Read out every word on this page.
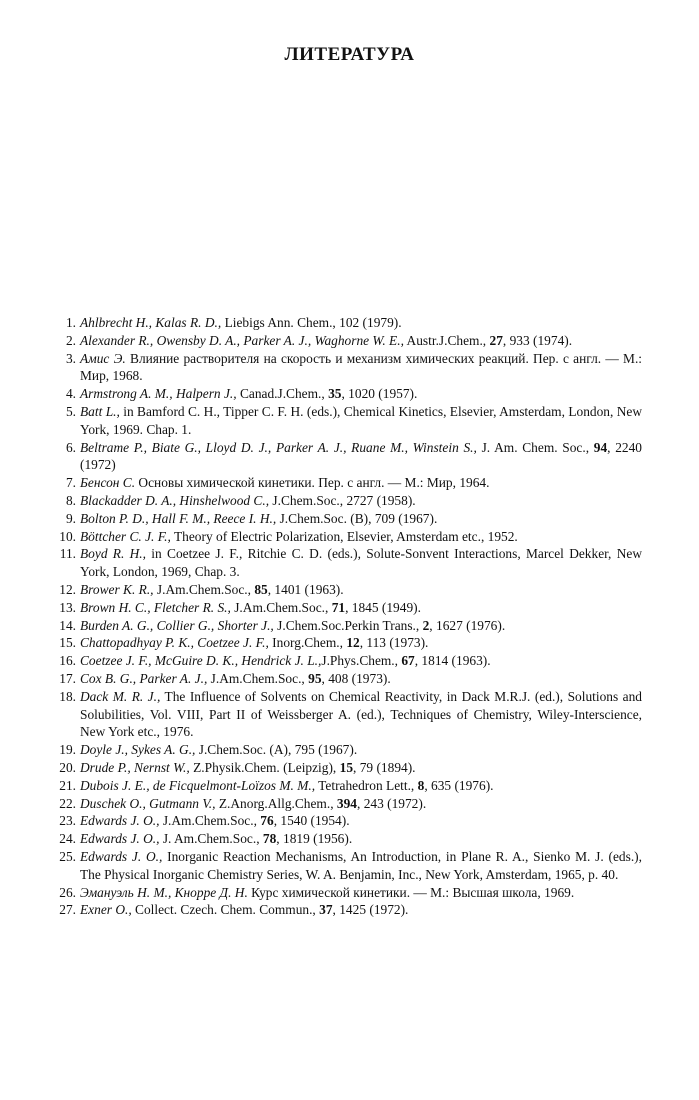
ЛИТЕРАТУРА
1. Ahlbrecht H., Kalas R. D., Liebigs Ann. Chem., 102 (1979).
2. Alexander R., Owensby D. A., Parker A. J., Waghorne W. E., Austr.J.Chem., 27, 933 (1974).
3. Амис Э. Влияние растворителя на скорость и механизм химических реакций. Пер. с англ. — М.: Мир, 1968.
4. Armstrong A. M., Halpern J., Canad.J.Chem., 35, 1020 (1957).
5. Batt L., in Bamford C. H., Tipper C. F. H. (eds.), Chemical Kinetics, Elsevier, Amsterdam, London, New York, 1969. Chap. 1.
6. Beltrame P., Biate G., Lloyd D. J., Parker A. J., Ruane M., Winstein S., J. Am. Chem. Soc., 94, 2240 (1972)
7. Бенсон С. Основы химической кинетики. Пер. с англ. — М.: Мир, 1964.
8. Blackadder D. A., Hinshelwood C., J.Chem.Soc., 2727 (1958).
9. Bolton P. D., Hall F. M., Reece I. H., J.Chem.Soc. (B), 709 (1967).
10. Böttcher C. J. F., Theory of Electric Polarization, Elsevier, Amsterdam etc., 1952.
11. Boyd R. H., in Coetzee J. F., Ritchie C. D. (eds.), Solute-Sonvent Interactions, Marcel Dekker, New York, London, 1969, Chap. 3.
12. Brower K. R., J.Am.Chem.Soc., 85, 1401 (1963).
13. Brown H. C., Fletcher R. S., J.Am.Chem.Soc., 71, 1845 (1949).
14. Burden A. G., Collier G., Shorter J., J.Chem.Soc.Perkin Trans., 2, 1627 (1976).
15. Chattopadhyay P. K., Coetzee J. F., Inorg.Chem., 12, 113 (1973).
16. Coetzee J. F., McGuire D. K., Hendrick J. L.,J.Phys.Chem., 67, 1814 (1963).
17. Cox B. G., Parker A. J., J.Am.Chem.Soc., 95, 408 (1973).
18. Dack M. R. J., The Influence of Solvents on Chemical Reactivity, in Dack M.R.J. (ed.), Solutions and Solubilities, Vol. VIII, Part II of Weissberger A. (ed.), Techniques of Chemistry, Wiley-Interscience, New York etc., 1976.
19. Doyle J., Sykes A. G., J.Chem.Soc. (A), 795 (1967).
20. Drude P., Nernst W., Z.Physik.Chem. (Leipzig), 15, 79 (1894).
21. Dubois J. E., de Ficquelmont-Loïzos M. M., Tetrahedron Lett., 8, 635 (1976).
22. Duschek O., Gutmann V., Z.Anorg.Allg.Chem., 394, 243 (1972).
23. Edwards J. O., J.Am.Chem.Soc., 76, 1540 (1954).
24. Edwards J. O., J. Am.Chem.Soc., 78, 1819 (1956).
25. Edwards J. O., Inorganic Reaction Mechanisms, An Introduction, in Plane R. A., Sienko M. J. (eds.), The Physical Inorganic Chemistry Series, W. A. Benjamin, Inc., New York, Amsterdam, 1965, p. 40.
26. Эмануэль Н. М., Кнорре Д. Н. Курс химической кинетики. — М.: Высшая школа, 1969.
27. Exner O., Collect. Czech. Chem. Commun., 37, 1425 (1972).
